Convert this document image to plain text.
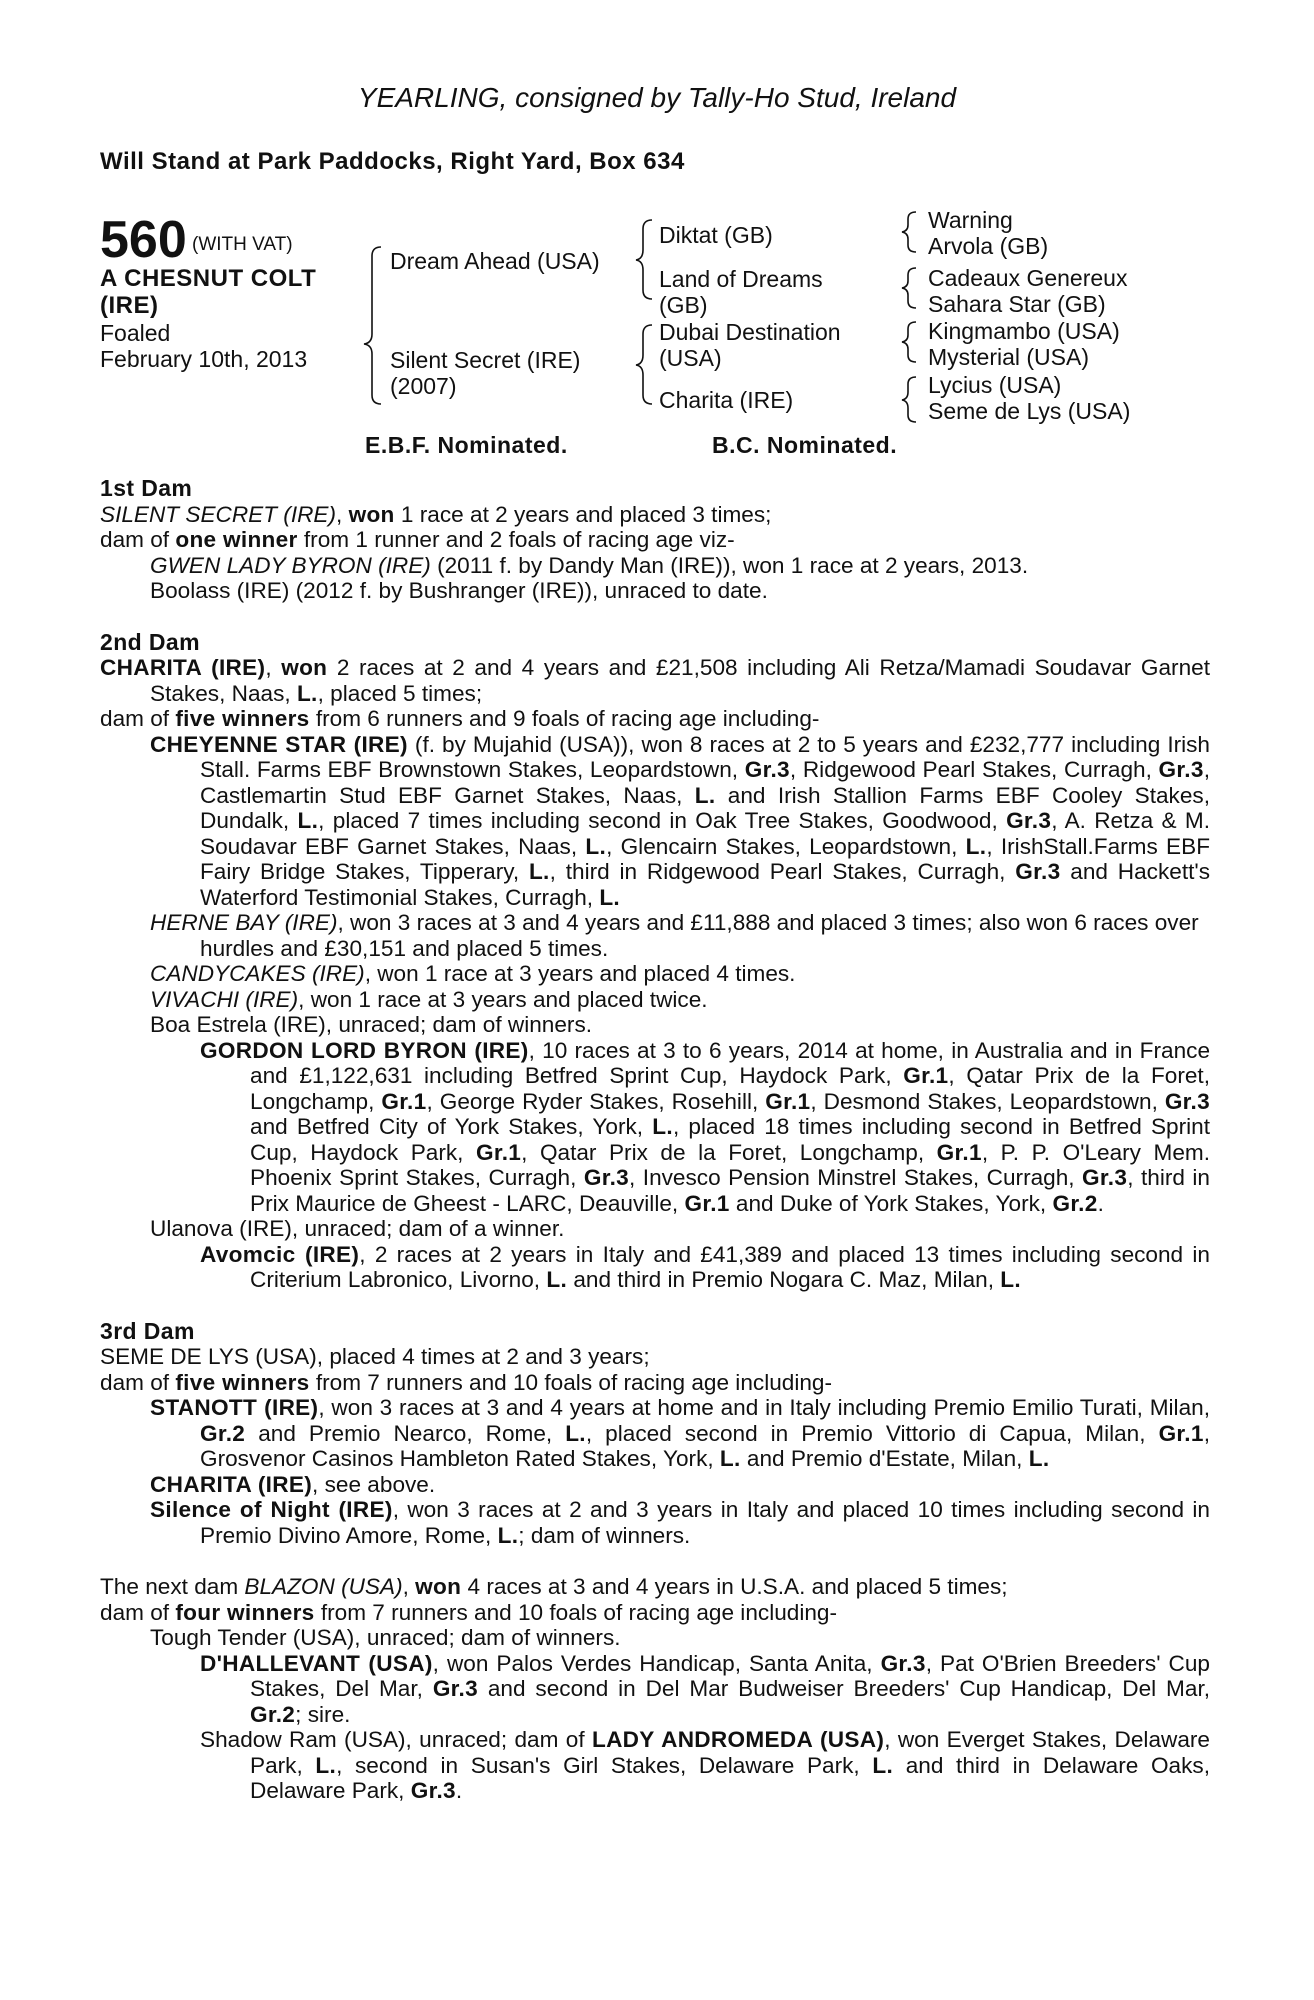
YEARLING, consigned by Tally-Ho Stud, Ireland
Will Stand at Park Paddocks, Right Yard, Box 634
560 (WITH VAT)
A CHESNUT COLT
(IRE)
Foaled
February 10th, 2013
Dream Ahead (USA)
Silent Secret (IRE)
(2007)
Diktat (GB)
Land of Dreams
(GB)
Dubai Destination
(USA)
Charita (IRE)
Warning
Arvola (GB)
Cadeaux Genereux
Sahara Star (GB)
Kingmambo (USA)
Mysterial (USA)
Lycius (USA)
Seme de Lys (USA)
E.B.F. Nominated.	B.C. Nominated.

1st Dam

SILENT SECRET (IRE), won 1 race at 2 years and placed 3 times;

dam of one winner from 1 runner and 2 foals of racing age viz-

GWEN LADY BYRON (IRE) (2011 f. by Dandy Man (IRE)), won 1 race at 2 years, 2013.

Boolass (IRE) (2012 f. by Bushranger (IRE)), unraced to date.

2nd Dam

CHARITA (IRE), won 2 races at 2 and 4 years and £21,508 including Ali Retza/Mamadi Soudavar Garnet Stakes, Naas, L., placed 5 times;

dam of five winners from 6 runners and 9 foals of racing age including-

CHEYENNE STAR (IRE) (f. by Mujahid (USA)), won 8 races at 2 to 5 years and £232,777 including Irish Stall. Farms EBF Brownstown Stakes, Leopardstown, Gr.3, Ridgewood Pearl Stakes, Curragh, Gr.3, Castlemartin Stud EBF Garnet Stakes, Naas, L. and Irish Stallion Farms EBF Cooley Stakes, Dundalk, L., placed 7 times including second in Oak Tree Stakes, Goodwood, Gr.3, A. Retza & M. Soudavar EBF Garnet Stakes, Naas, L., Glencairn Stakes, Leopardstown, L., IrishStall.Farms EBF Fairy Bridge Stakes, Tipperary, L., third in Ridgewood Pearl Stakes, Curragh, Gr.3 and Hackett's Waterford Testimonial Stakes, Curragh, L.

HERNE BAY (IRE), won 3 races at 3 and 4 years and £11,888 and placed 3 times; also won 6 races over hurdles and £30,151 and placed 5 times.

CANDYCAKES (IRE), won 1 race at 3 years and placed 4 times.

VIVACHI (IRE), won 1 race at 3 years and placed twice.

Boa Estrela (IRE), unraced; dam of winners.

GORDON LORD BYRON (IRE), 10 races at 3 to 6 years, 2014 at home, in Australia and in France and £1,122,631 including Betfred Sprint Cup, Haydock Park, Gr.1, Qatar Prix de la Foret, Longchamp, Gr.1, George Ryder Stakes, Rosehill, Gr.1, Desmond Stakes, Leopardstown, Gr.3 and Betfred City of York Stakes, York, L., placed 18 times including second in Betfred Sprint Cup, Haydock Park, Gr.1, Qatar Prix de la Foret, Longchamp, Gr.1, P. P. O'Leary Mem. Phoenix Sprint Stakes, Curragh, Gr.3, Invesco Pension Minstrel Stakes, Curragh, Gr.3, third in Prix Maurice de Gheest - LARC, Deauville, Gr.1 and Duke of York Stakes, York, Gr.2.

Ulanova (IRE), unraced; dam of a winner.

Avomcic (IRE), 2 races at 2 years in Italy and £41,389 and placed 13 times including second in Criterium Labronico, Livorno, L. and third in Premio Nogara C. Maz, Milan, L.

3rd Dam

SEME DE LYS (USA), placed 4 times at 2 and 3 years;

dam of five winners from 7 runners and 10 foals of racing age including-

STANOTT (IRE), won 3 races at 3 and 4 years at home and in Italy including Premio Emilio Turati, Milan, Gr.2 and Premio Nearco, Rome, L., placed second in Premio Vittorio di Capua, Milan, Gr.1, Grosvenor Casinos Hambleton Rated Stakes, York, L. and Premio d'Estate, Milan, L.

CHARITA (IRE), see above.

Silence of Night (IRE), won 3 races at 2 and 3 years in Italy and placed 10 times including second in Premio Divino Amore, Rome, L.; dam of winners.

The next dam BLAZON (USA), won 4 races at 3 and 4 years in U.S.A. and placed 5 times;

dam of four winners from 7 runners and 10 foals of racing age including-

Tough Tender (USA), unraced; dam of winners.

D'HALLEVANT (USA), won Palos Verdes Handicap, Santa Anita, Gr.3, Pat O'Brien Breeders' Cup Stakes, Del Mar, Gr.3 and second in Del Mar Budweiser Breeders' Cup Handicap, Del Mar, Gr.2; sire.

Shadow Ram (USA), unraced; dam of LADY ANDROMEDA (USA), won Everget Stakes, Delaware Park, L., second in Susan's Girl Stakes, Delaware Park, L. and third in Delaware Oaks, Delaware Park, Gr.3.
